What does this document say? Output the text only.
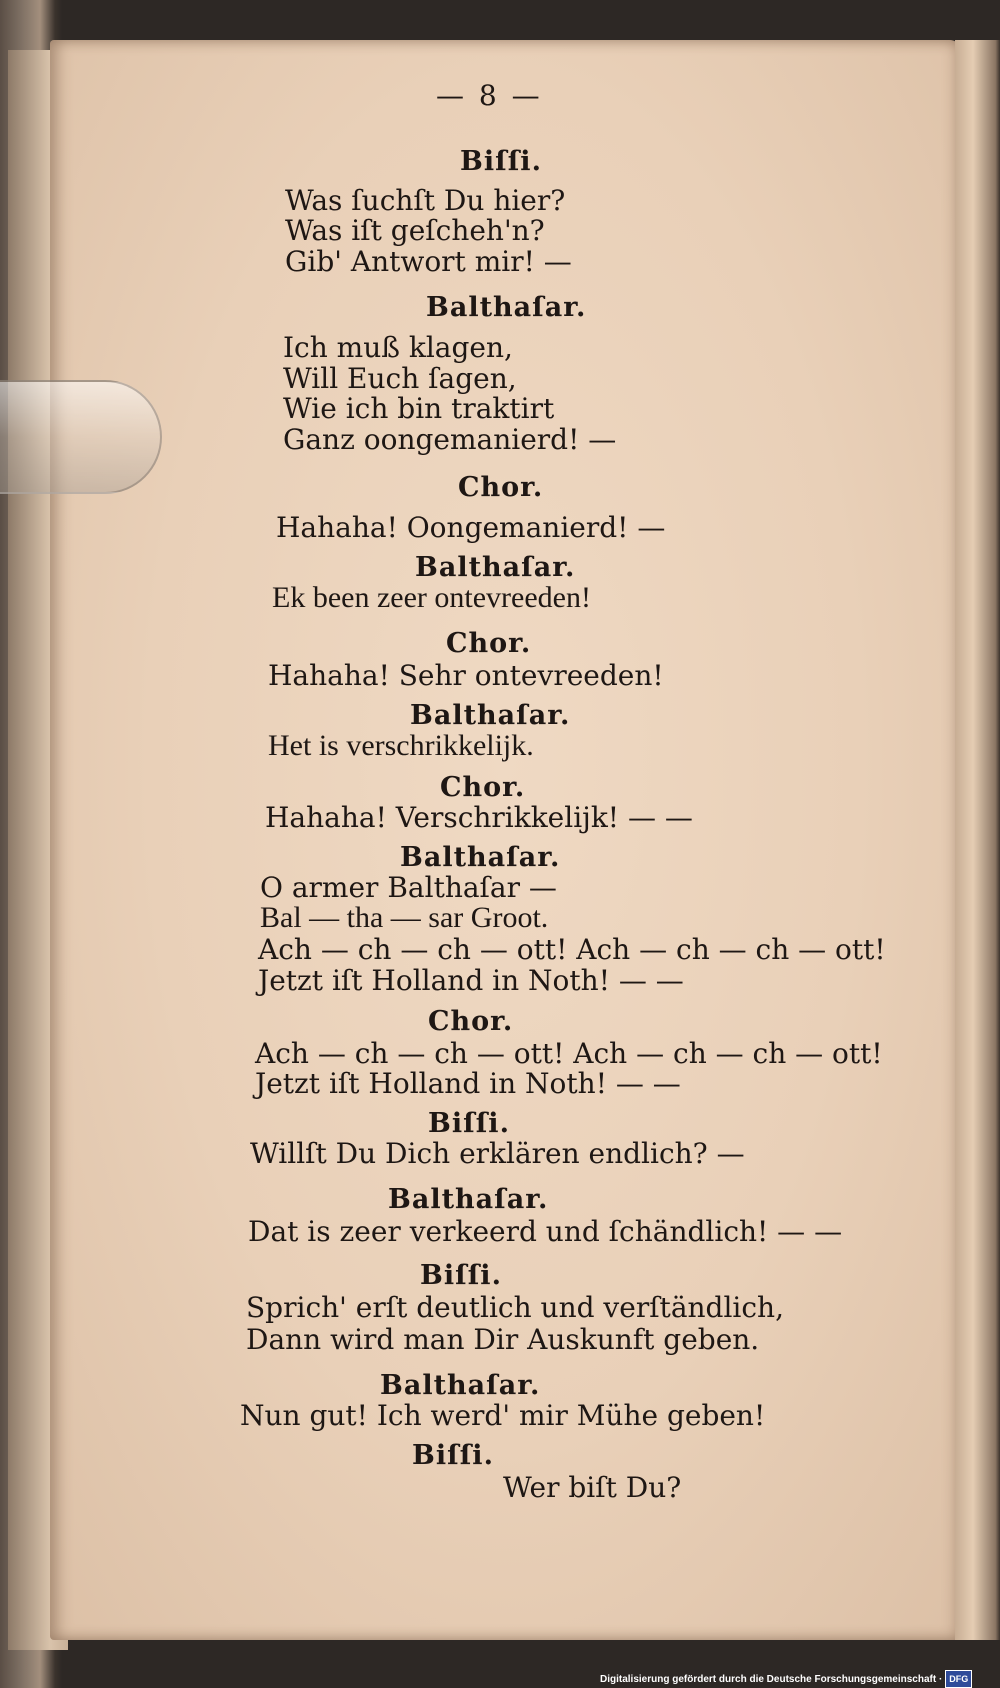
— 8 —
Biſſi.
Was ſuchſt Du hier?
Was iſt geſcheh'n?
Gib' Antwort mir! —
Balthaſar.
Ich muß klagen,
Will Euch ſagen,
Wie ich bin traktirt
Ganz oongemanierd! —
Chor.
Hahaha! Oongemanierd! —
Balthaſar.
Ek been zeer ontevreeden!
Chor.
Hahaha! Sehr ontevreeden!
Balthaſar.
Het is verschrikkelijk.
Chor.
Hahaha! Verschrikkelijk! — —
Balthaſar.
O armer Balthaſar —
Bal — tha — sar Groot.
Ach — ch — ch — ott! Ach — ch — ch — ott!
Jetzt iſt Holland in Noth! — —
Chor.
Ach — ch — ch — ott! Ach — ch — ch — ott!
Jetzt iſt Holland in Noth! — —
Biſſi.
Willſt Du Dich erklären endlich? —
Balthaſar.
Dat is zeer verkeerd und ſchändlich! — —
Biſſi.
Sprich' erſt deutlich und verſtändlich,
Dann wird man Dir Auskunft geben.
Balthaſar.
Nun gut! Ich werd' mir Mühe geben!
Biſſi.
Wer biſt Du?
Digitalisierung gefördert durch die Deutsche Forschungsgemeinschaft · DFG
